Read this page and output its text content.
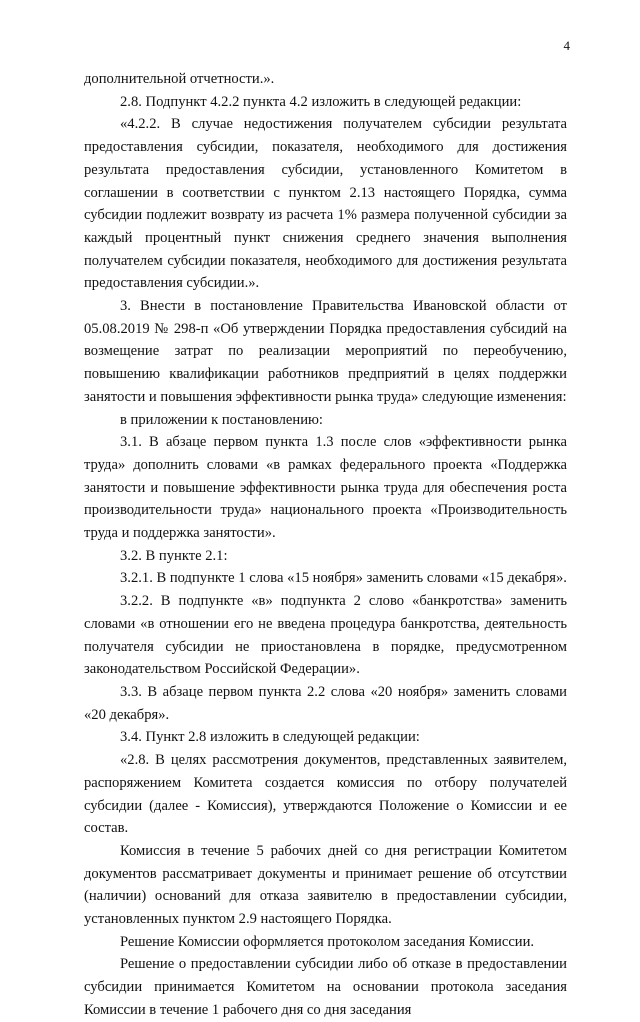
4

дополнительной отчетности.».

2.8. Подпункт 4.2.2 пункта 4.2 изложить в следующей редакции:

«4.2.2. В случае недостижения получателем субсидии результата предоставления субсидии, показателя, необходимого для достижения результата предоставления субсидии, установленного Комитетом в соглашении в соответствии с пунктом 2.13 настоящего Порядка, сумма субсидии подлежит возврату из расчета 1% размера полученной субсидии за каждый процентный пункт снижения среднего значения выполнения получателем субсидии показателя, необходимого для достижения результата предоставления субсидии.».

3. Внести в постановление Правительства Ивановской области от 05.08.2019 № 298-п «Об утверждении Порядка предоставления субсидий на возмещение затрат по реализации мероприятий по переобучению, повышению квалификации работников предприятий в целях поддержки занятости и повышения эффективности рынка труда» следующие изменения:

в приложении к постановлению:

3.1. В абзаце первом пункта 1.3 после слов «эффективности рынка труда» дополнить словами «в рамках федерального проекта «Поддержка занятости и повышение эффективности рынка труда для обеспечения роста производительности труда» национального проекта «Производительность труда и поддержка занятости».

3.2. В пункте 2.1:

3.2.1. В подпункте 1 слова «15 ноября» заменить словами «15 декабря».

3.2.2. В подпункте «в» подпункта 2 слово «банкротства» заменить словами «в отношении его не введена процедура банкротства, деятельность получателя субсидии не приостановлена в порядке, предусмотренном законодательством Российской Федерации».

3.3. В абзаце первом пункта 2.2 слова «20 ноября» заменить словами «20 декабря».

3.4. Пункт 2.8 изложить в следующей редакции:

«2.8. В целях рассмотрения документов, представленных заявителем, распоряжением Комитета создается комиссия по отбору получателей субсидии (далее - Комиссия), утверждаются Положение о Комиссии и ее состав.

Комиссия в течение 5 рабочих дней со дня регистрации Комитетом документов рассматривает документы и принимает решение об отсутствии (наличии) оснований для отказа заявителю в предоставлении субсидии, установленных пунктом 2.9 настоящего Порядка.

Решение Комиссии оформляется протоколом заседания Комиссии.

Решение о предоставлении субсидии либо об отказе в предоставлении субсидии принимается Комитетом на основании протокола заседания Комиссии в течение 1 рабочего дня со дня заседания
